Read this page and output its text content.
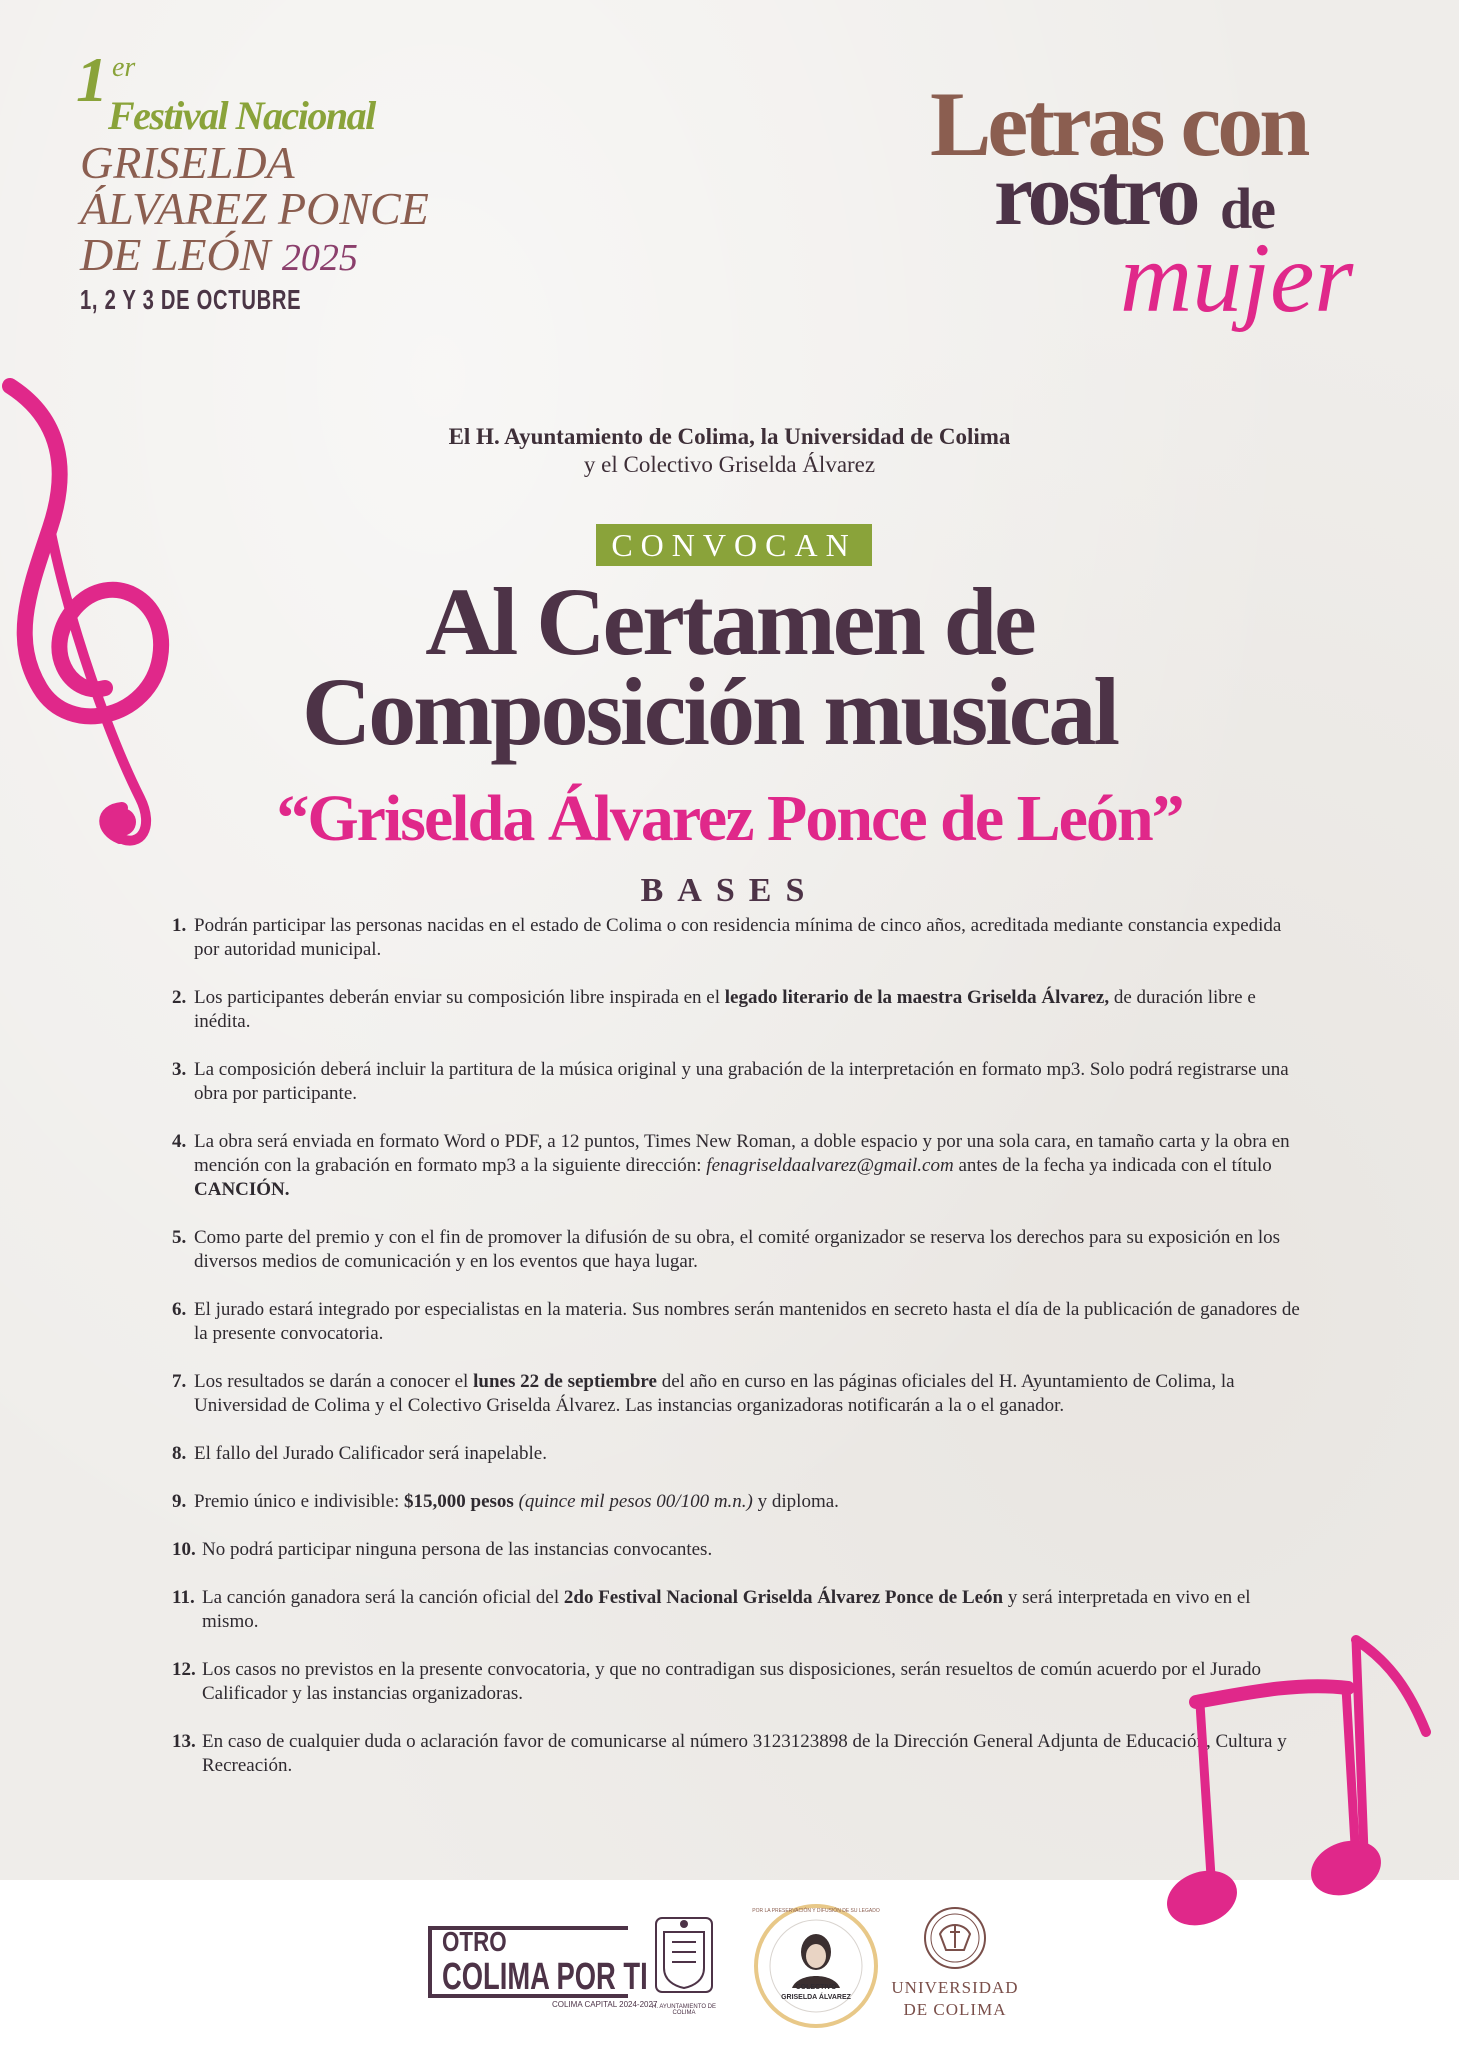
1 er
Festival Nacional
GRISELDA
ÁLVAREZ PONCE
DE LEÓN 2025
1, 2 Y 3 DE OCTUBRE
Letras con
rostro de
mujer
El H. Ayuntamiento de Colima, la Universidad de Colima
y el Colectivo Griselda Álvarez
CONVOCAN
Al Certamen de
Composición musical
“Griselda Álvarez Ponce de León”
BASES
1. Podrán participar las personas nacidas en el estado de Colima o con residencia mínima de cinco años, acreditada mediante constancia expedida por autoridad municipal.
2. Los participantes deberán enviar su composición libre inspirada en el legado literario de la maestra Griselda Álvarez, de duración libre e inédita.
3. La composición deberá incluir la partitura de la música original y una grabación de la interpretación en formato mp3. Solo podrá registrarse una obra por participante.
4. La obra será enviada en formato Word o PDF, a 12 puntos, Times New Roman, a doble espacio y por una sola cara, en tamaño carta y la obra en mención con la grabación en formato mp3 a la siguiente dirección: fenagriseldaalvarez@gmail.com antes de la fecha ya indicada con el título CANCIÓN.
5. Como parte del premio y con el fin de promover la difusión de su obra, el comité organizador se reserva los derechos para su exposición en los diversos medios de comunicación y en los eventos que haya lugar.
6. El jurado estará integrado por especialistas en la materia. Sus nombres serán mantenidos en secreto hasta el día de la publicación de ganadores de la presente convocatoria.
7. Los resultados se darán a conocer el lunes 22 de septiembre del año en curso en las páginas oficiales del H. Ayuntamiento de Colima, la Universidad de Colima y el Colectivo Griselda Álvarez. Las instancias organizadoras notificarán a la o el ganador.
8. El fallo del Jurado Calificador será inapelable.
9. Premio único e indivisible: $15,000 pesos (quince mil pesos 00/100 m.n.) y diploma.
10. No podrá participar ninguna persona de las instancias convocantes.
11. La canción ganadora será la canción oficial del 2do Festival Nacional Griselda Álvarez Ponce de León y será interpretada en vivo en el mismo.
12. Los casos no previstos en la presente convocatoria, y que no contradigan sus disposiciones, serán resueltos de común acuerdo por el Jurado Calificador y las instancias organizadoras.
13. En caso de cualquier duda o aclaración favor de comunicarse al número 3123123898 de la Dirección General Adjunta de Educación, Cultura y Recreación.
OTRO
COLIMA POR TI
COLIMA CAPITAL 2024-2027
H. AYUNTAMIENTO DE COLIMA
COLECTIVO
GRISELDA ÁLVAREZ
POR LA PRESERVACIÓN Y DIFUSIÓN DE SU LEGADO
UNIVERSIDAD
DE COLIMA
